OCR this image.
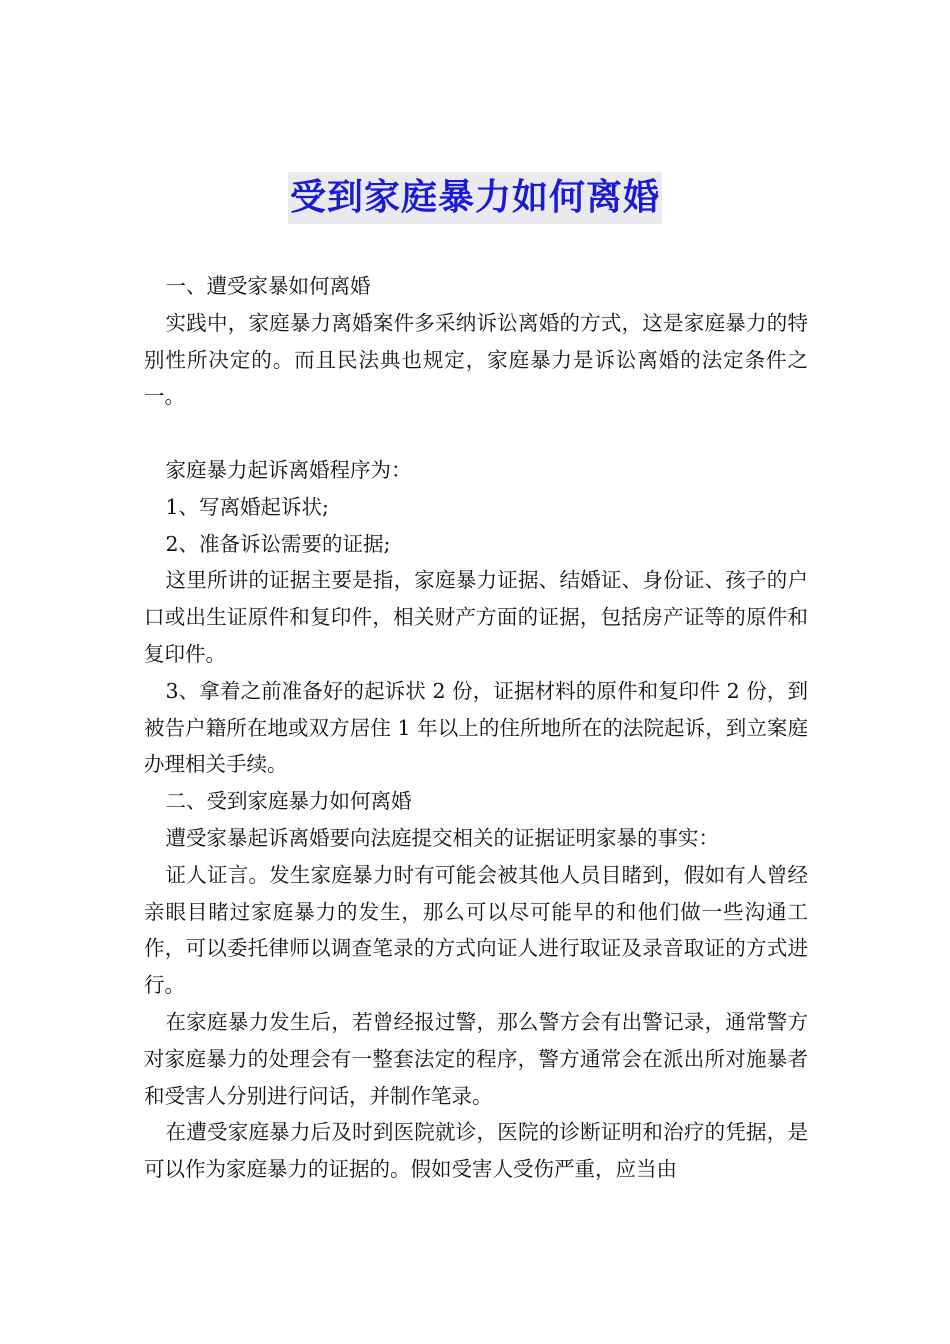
受到家庭暴力如何离婚

一、遭受家暴如何离婚

实践中，家庭暴力离婚案件多采纳诉讼离婚的方式，这是家庭暴力的特别性所决定的。而且民法典也规定，家庭暴力是诉讼离婚的法定条件之一。

家庭暴力起诉离婚程序为：

1、写离婚起诉状;

2、准备诉讼需要的证据;

这里所讲的证据主要是指，家庭暴力证据、结婚证、身份证、孩子的户口或出生证原件和复印件，相关财产方面的证据，包括房产证等的原件和复印件。

3、拿着之前准备好的起诉状 2 份，证据材料的原件和复印件 2 份，到被告户籍所在地或双方居住 1 年以上的住所地所在的法院起诉，到立案庭办理相关手续。

二、受到家庭暴力如何离婚

遭受家暴起诉离婚要向法庭提交相关的证据证明家暴的事实：

证人证言。发生家庭暴力时有可能会被其他人员目睹到，假如有人曾经亲眼目睹过家庭暴力的发生，那么可以尽可能早的和他们做一些沟通工作，可以委托律师以调查笔录的方式向证人进行取证及录音取证的方式进行。

在家庭暴力发生后，若曾经报过警，那么警方会有出警记录，通常警方对家庭暴力的处理会有一整套法定的程序，警方通常会在派出所对施暴者和受害人分别进行问话，并制作笔录。

在遭受家庭暴力后及时到医院就诊，医院的诊断证明和治疗的凭据，是可以作为家庭暴力的证据的。假如受害人受伤严重，应当由
